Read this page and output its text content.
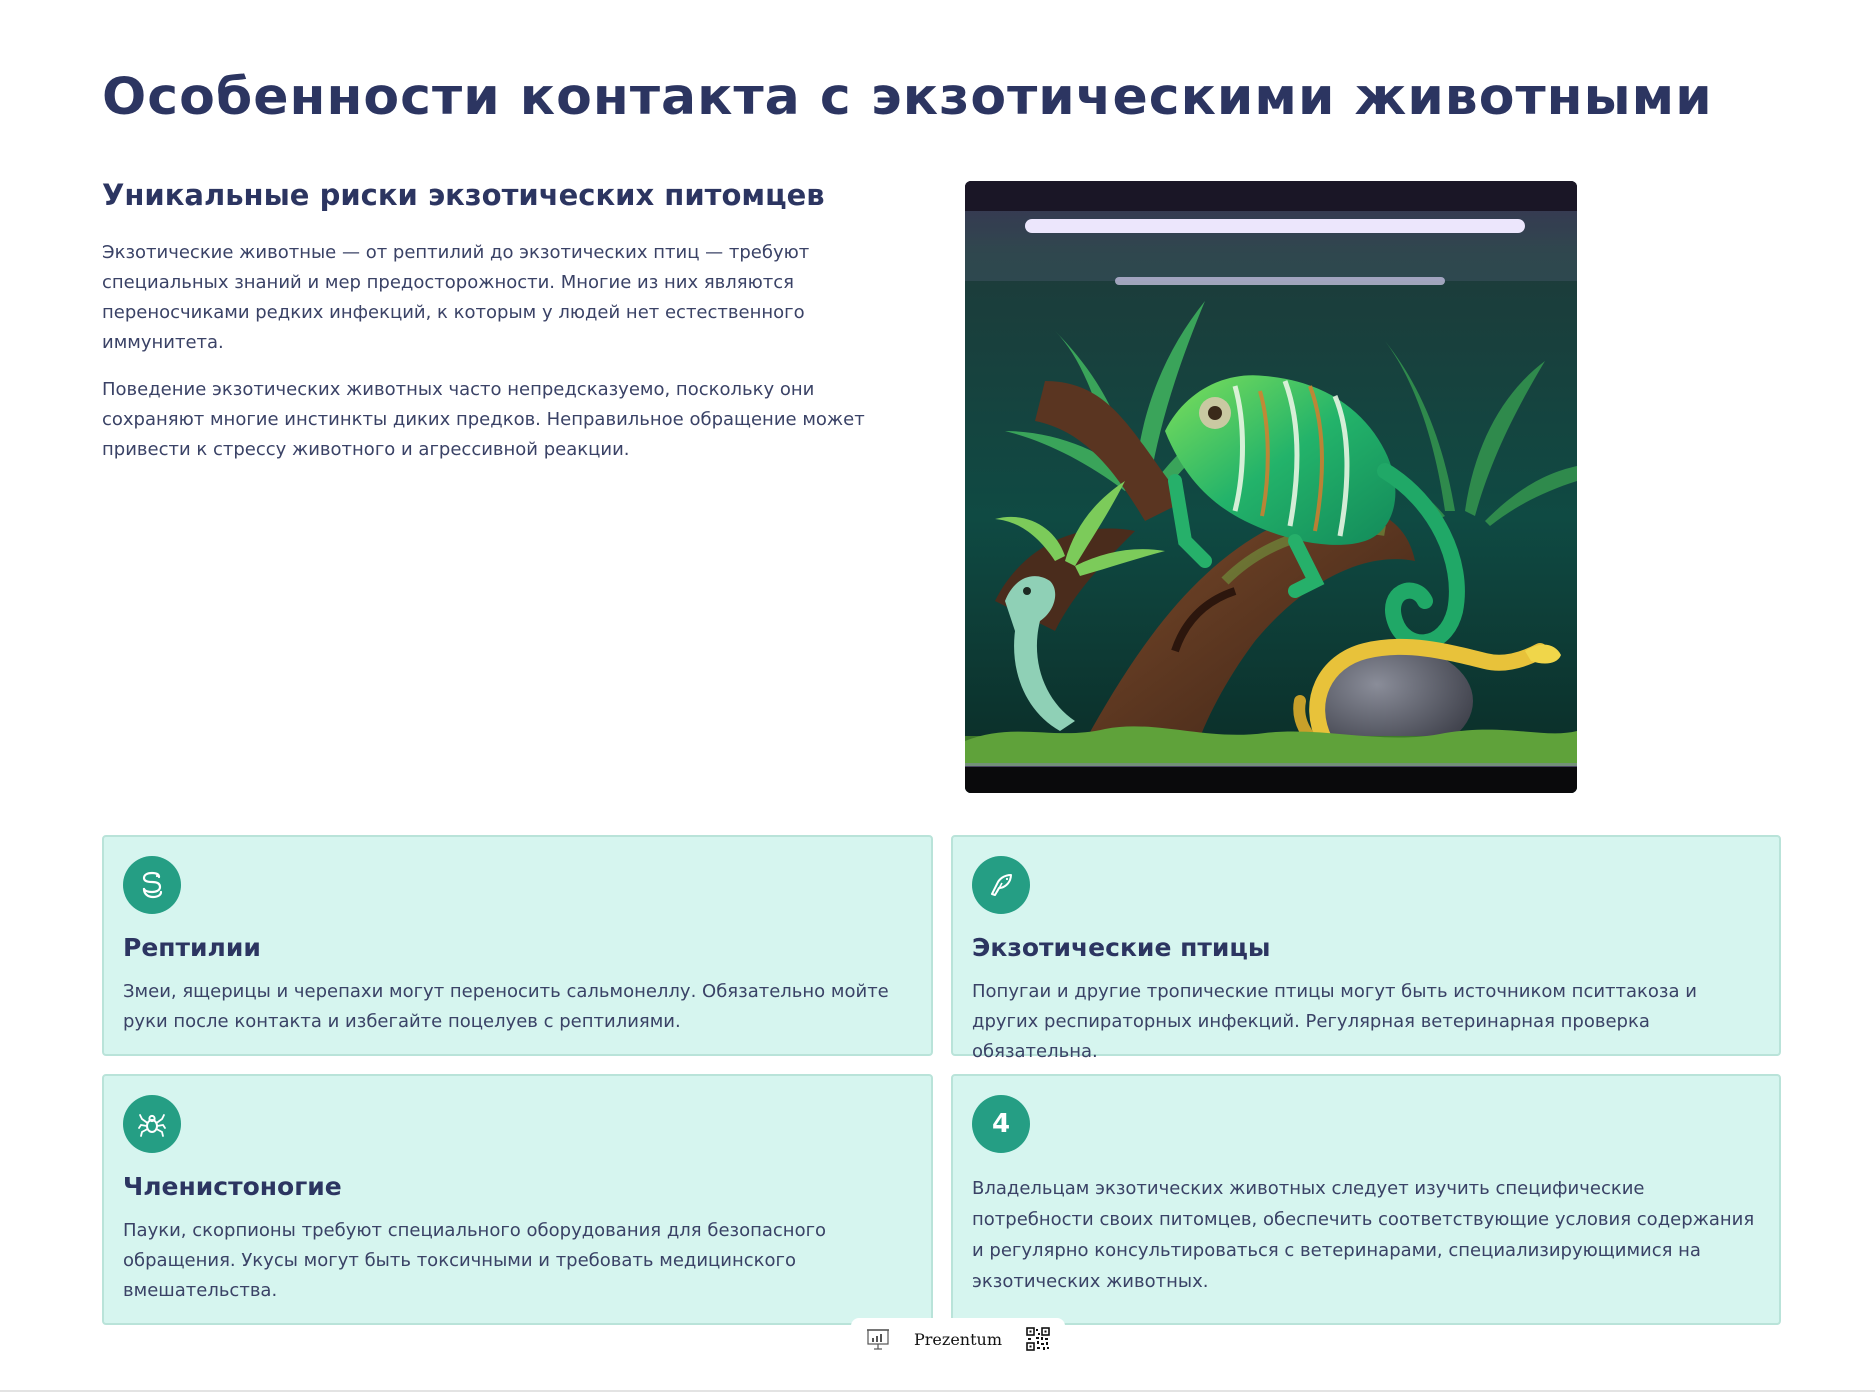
Особенности контакта с экзотическими животными
Уникальные риски экзотических питомцев

Экзотические животные — от рептилий до экзотических птиц — требуют специальных знаний и мер предосторожности. Многие из них являются переносчиками редких инфекций, к которым у людей нет естественного иммунитета.

Поведение экзотических животных часто непредсказуемо, поскольку они сохраняют многие инстинкты диких предков. Неправильное обращение может привести к стрессу животного и агрессивной реакции.

Рептилии

Змеи, ящерицы и черепахи могут переносить сальмонеллу. Обязательно мойте руки после контакта и избегайте поцелуев с рептилиями.

Экзотические птицы

Попугаи и другие тропические птицы могут быть источником пситтакоза и других респираторных инфекций. Регулярная ветеринарная проверка обязательна.

Членистоногие

Пауки, скорпионы требуют специального оборудования для безопасного обращения. Укусы могут быть токсичными и требовать медицинского вмешательства.

4

Владельцам экзотических животных следует изучить специфические потребности своих питомцев, обеспечить соответствующие условия содержания и регулярно консультироваться с ветеринарами, специализирующимися на экзотических животных.

Prezentum
